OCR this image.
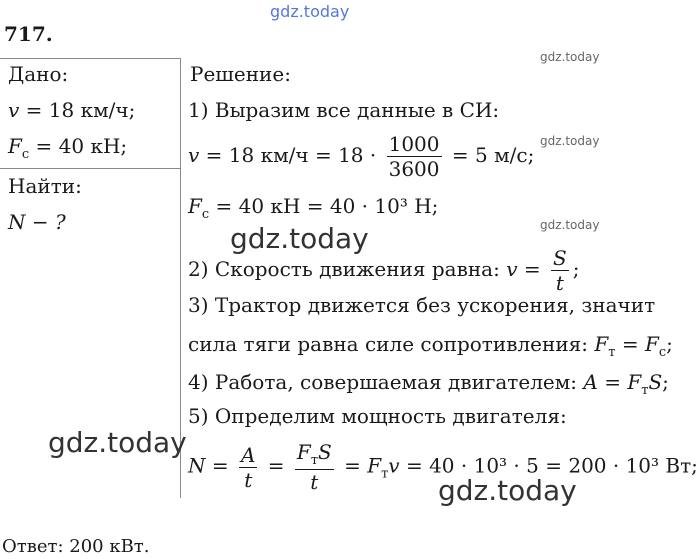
gdz.today
gdz.today
gdz.today
gdz.today
717.
Дано:
v = 18 км/ч;
$F_c = 40$ кН;
Найти:
N − ?
Решение:
1) Выразим все данные в СИ:
v = 18 $км/ч = 18 \cdot \frac{1000}{3600} = 5$ м/с;
$F_c = 40$ кН = 40 · 10³ Н;
gdz.today
2) Скорость движения равна: $v = \frac{S}{t}$ ;
3) Трактор движется без ускорения, значит
сила тяги равна силе сопротивления: $F_т = F_c$;
4) Работа, совершаемая двигателем: $A = F_тS$;
5) Определим мощность двигателя:
gdz.today
$N = \frac{A}{t} = \frac{F_тS}{t} = F_тv = 40 \cdot 10^3 \cdot 5 = 200 \cdot 10^3$ Вт;
gdz.today
Ответ: 200 кВт.
